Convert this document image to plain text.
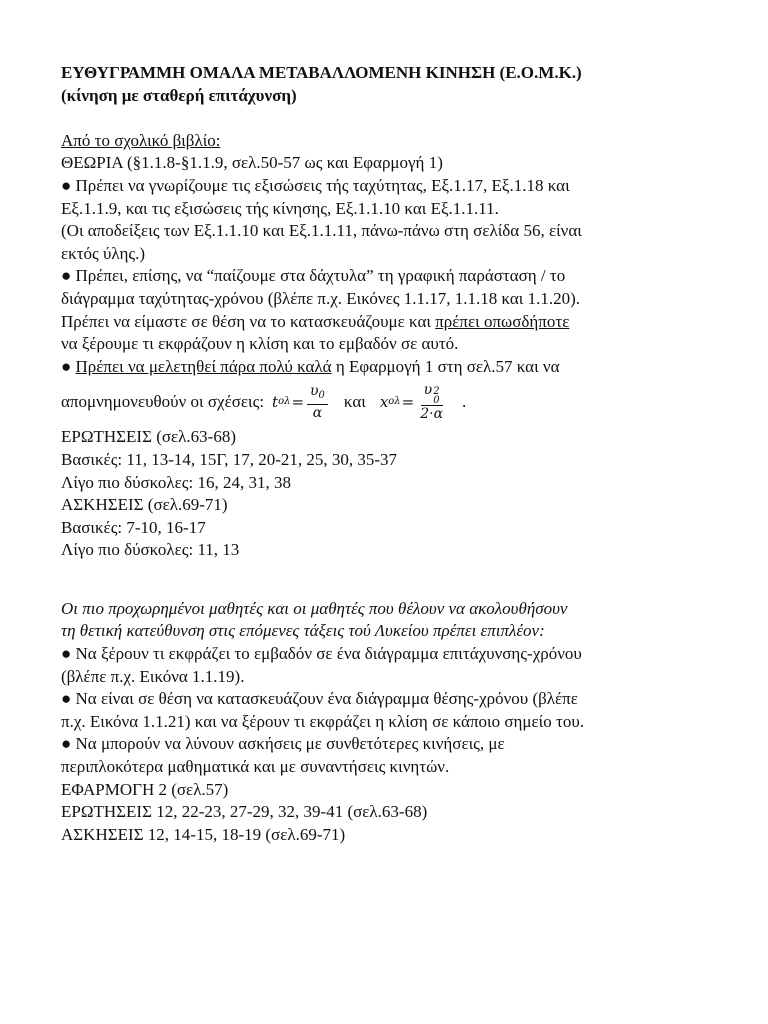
ΕΥΘΥΓΡΑΜΜΗ ΟΜΑΛΑ ΜΕΤΑΒΑΛΛΟΜΕΝΗ ΚΙΝΗΣΗ (Ε.Ο.Μ.Κ.)
(κίνηση με σταθερή επιτάχυνση)
Από το σχολικό βιβλίο:
ΘΕΩΡΙΑ (§1.1.8-§1.1.9, σελ.50-57 ως και Εφαρμογή 1)
● Πρέπει να γνωρίζουμε τις εξισώσεις τής ταχύτητας, Εξ.1.17, Εξ.1.18 και
Εξ.1.1.9, και τις εξισώσεις τής κίνησης, Εξ.1.1.10 και Εξ.1.1.11.
(Οι αποδείξεις των Εξ.1.1.10 και Εξ.1.1.11, πάνω-πάνω στη σελίδα 56, είναι
εκτός ύλης.)
● Πρέπει, επίσης, να “παίζουμε στα δάχτυλα” τη γραφική παράσταση / το
διάγραμμα ταχύτητας-χρόνου (βλέπε π.χ. Εικόνες 1.1.17, 1.1.18 και 1.1.20).
Πρέπει να είμαστε σε θέση να το κατασκευάζουμε και πρέπει οπωσδήποτε
να ξέρουμε τι εκφράζουν η κλίση και το εμβαδόν σε αυτό.
● Πρέπει να μελετηθεί πάρα πολύ καλά η Εφαρμογή 1 στη σελ.57 και να
απομνημονευθούν οι σχέσεις: t $o\lambda = \frac{\upsilon_0}{\alpha}$ και x ολ = υ 2
0
2·α .
ΕΡΩΤΗΣΕΙΣ (σελ.63-68)
Βασικές: 11, 13-14, 15Γ, 17, 20-21, 25, 30, 35-37
Λίγο πιο δύσκολες: 16, 24, 31, 38
ΑΣΚΗΣΕΙΣ (σελ.69-71)
Βασικές: 7-10, 16-17
Λίγο πιο δύσκολες: 11, 13
Οι πιο προχωρημένοι μαθητές και οι μαθητές που θέλουν να ακολουθήσουν
τη θετική κατεύθυνση στις επόμενες τάξεις τού Λυκείου πρέπει επιπλέον:
● Να ξέρουν τι εκφράζει το εμβαδόν σε ένα διάγραμμα επιτάχυνσης-χρόνου
(βλέπε π.χ. Εικόνα 1.1.19).
● Να είναι σε θέση να κατασκευάζουν ένα διάγραμμα θέσης-χρόνου (βλέπε
π.χ. Εικόνα 1.1.21) και να ξέρουν τι εκφράζει η κλίση σε κάποιο σημείο του.
● Να μπορούν να λύνουν ασκήσεις με συνθετότερες κινήσεις, με
περιπλοκότερα μαθηματικά και με συναντήσεις κινητών.
ΕΦΑΡΜΟΓΗ 2 (σελ.57)
ΕΡΩΤΗΣΕΙΣ 12, 22-23, 27-29, 32, 39-41 (σελ.63-68)
ΑΣΚΗΣΕΙΣ 12, 14-15, 18-19 (σελ.69-71)
